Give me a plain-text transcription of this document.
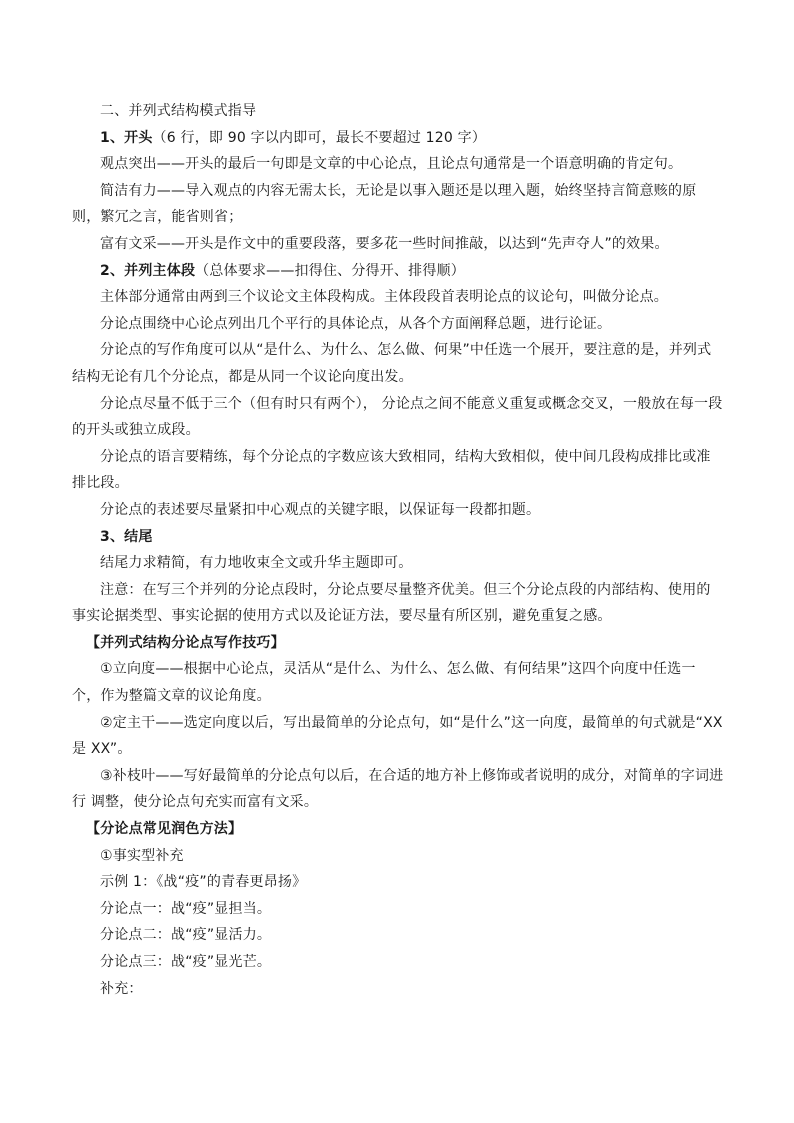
二、并列式结构模式指导

1、开头（6 行，即 90 字以内即可，最长不要超过 120 字）

观点突出——开头的最后一句即是文章的中心论点，且论点句通常是一个语意明确的肯定句。

简洁有力——导入观点的内容无需太长，无论是以事入题还是以理入题，始终坚持言简意赅的原则，繁冗之言，能省则省；

富有文采——开头是作文中的重要段落，要多花一些时间推敲，以达到“先声夺人”的效果。

2、并列主体段（总体要求——扣得住、分得开、排得顺）

主体部分通常由两到三个议论文主体段构成。主体段段首表明论点的议论句，叫做分论点。

分论点围绕中心论点列出几个平行的具体论点，从各个方面阐释总题，进行论证。

分论点的写作角度可以从“是什么、为什么、怎么做、何果”中任选一个展开，要注意的是，并列式结构无论有几个分论点，都是从同一个议论向度出发。

分论点尽量不低于三个（但有时只有两个）， 分论点之间不能意义重复或概念交叉，一般放在每一段的开头或独立成段。

分论点的语言要精练，每个分论点的字数应该大致相同，结构大致相似，使中间几段构成排比或准排比段。

分论点的表述要尽量紧扣中心观点的关键字眼，以保证每一段都扣题。

3、结尾

结尾力求精简，有力地收束全文或升华主题即可。

注意：在写三个并列的分论点段时，分论点要尽量整齐优美。但三个分论点段的内部结构、使用的事实论据类型、事实论据的使用方式以及论证方法，要尽量有所区别，避免重复之感。

【并列式结构分论点写作技巧】

①立向度——根据中心论点，灵活从“是什么、为什么、怎么做、有何结果”这四个向度中任选一个，作为整篇文章的议论角度。

②定主干——选定向度以后，写出最简单的分论点句，如“是什么”这一向度，最简单的句式就是“XX 是 XX”。

③补枝叶——写好最简单的分论点句以后，在合适的地方补上修饰或者说明的成分，对简单的字词进行 调整，使分论点句充实而富有文采。

【分论点常见润色方法】

①事实型补充

示例 1：《战“疫”的青春更昂扬》

分论点一：战“疫”显担当。

分论点二：战“疫”显活力。

分论点三：战“疫”显光芒。

补充：
